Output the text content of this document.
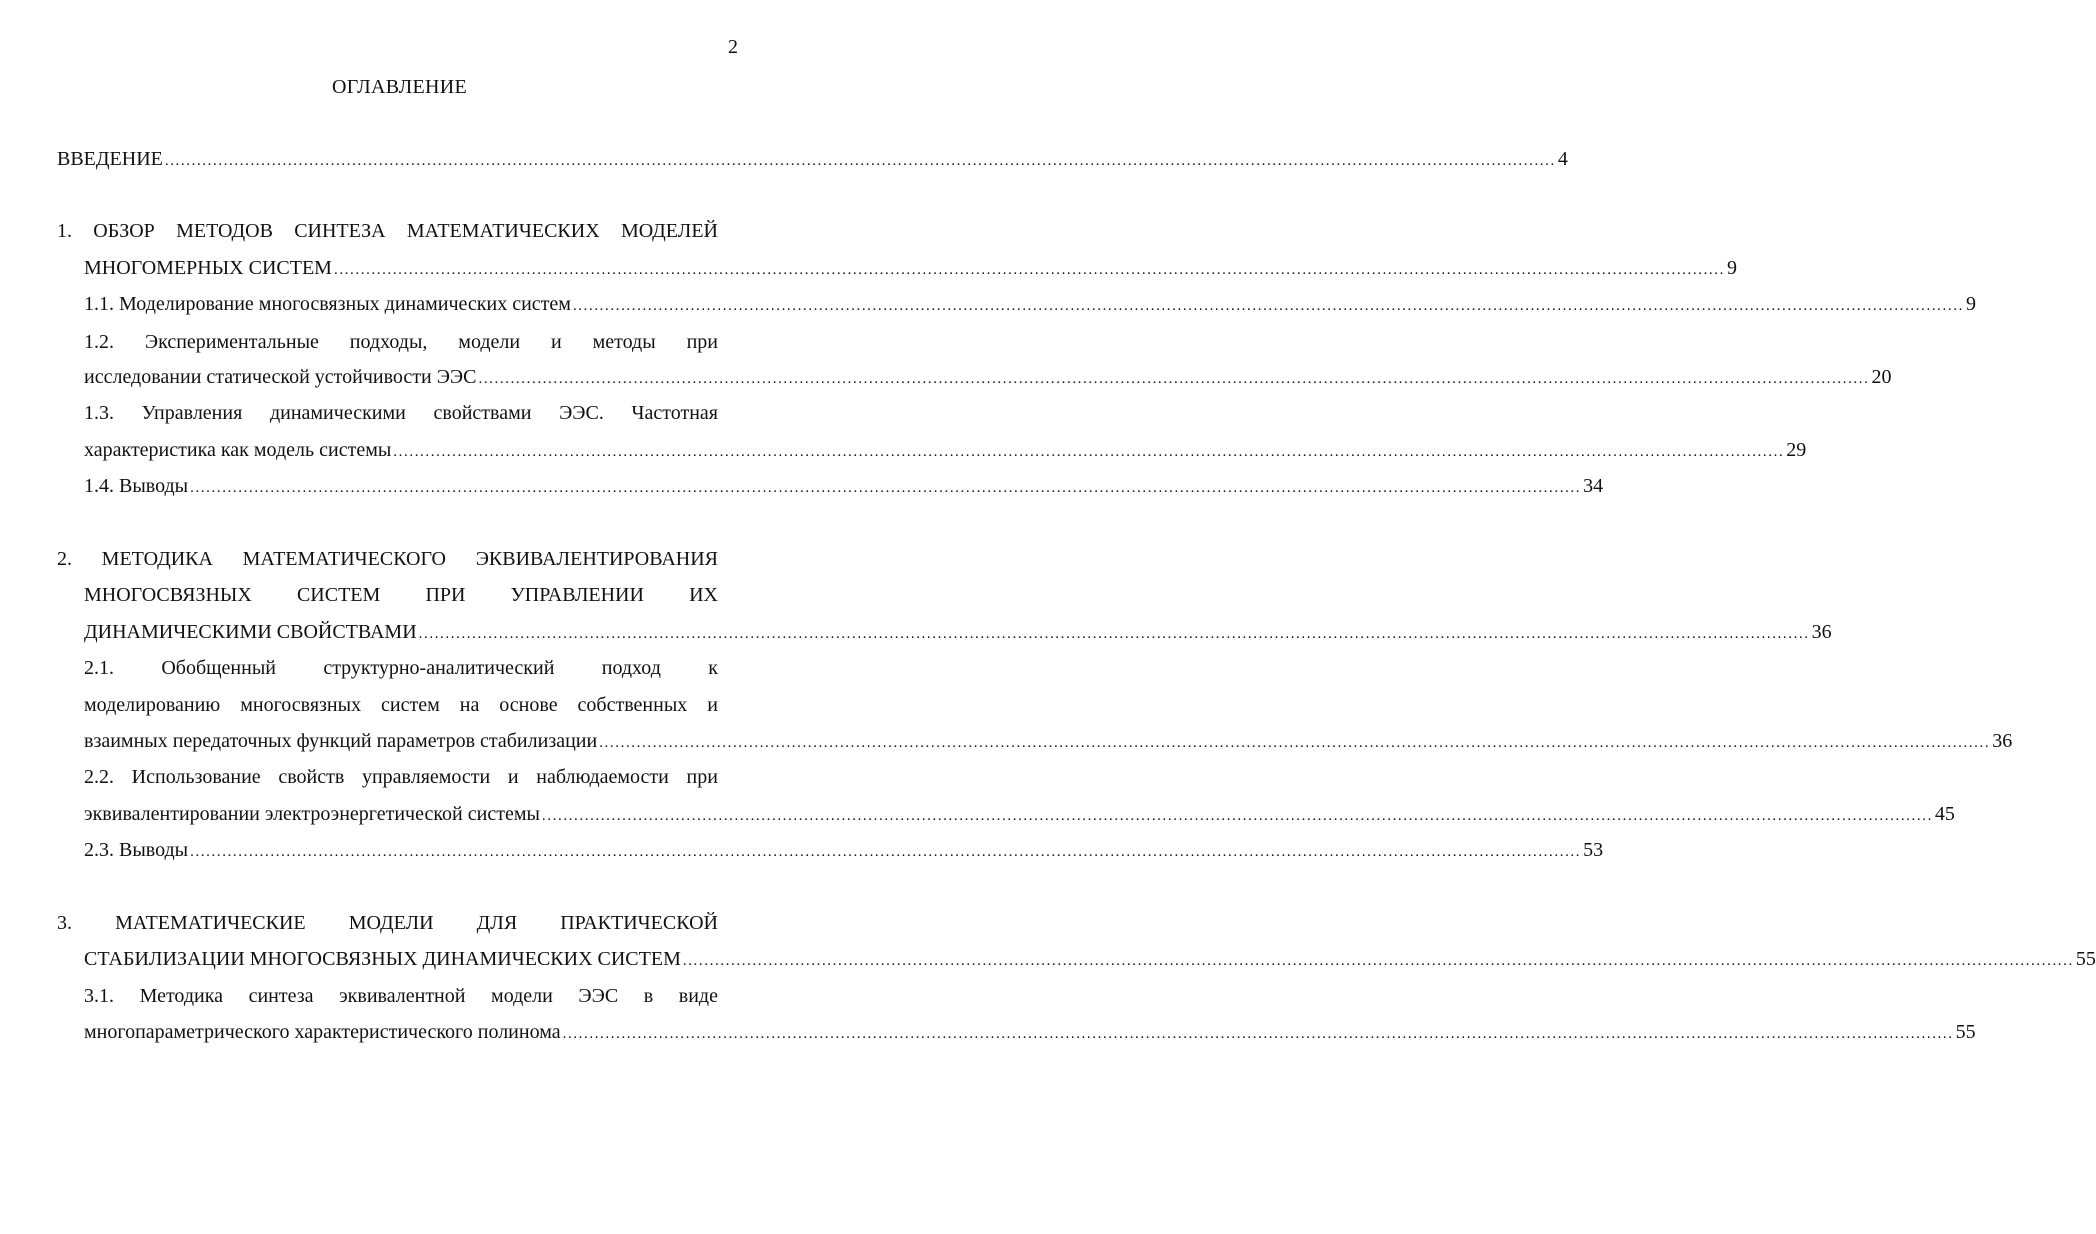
2
ОГЛАВЛЕНИЕ
ВВЕДЕНИЕ .................................................................................................................................................................................................................................................................... 4
1. ОБЗОР МЕТОДОВ СИНТЕЗА МАТЕМАТИЧЕСКИХ МОДЕЛЕЙ
МНОГОМЕРНЫХ СИСТЕМ .................................................................................................................................................................................................................................................................... 9
1.1. Моделирование многосвязных динамических систем .................................................................................................................................................................................................................................................................... 9
1.2. Экспериментальные подходы, модели и методы при
исследовании статической устойчивости ЭЭС .................................................................................................................................................................................................................................................................... 20
1.3. Управления динамическими свойствами ЭЭС. Частотная
характеристика как модель системы .................................................................................................................................................................................................................................................................... 29
1.4. Выводы .................................................................................................................................................................................................................................................................... 34
2. МЕТОДИКА МАТЕМАТИЧЕСКОГО ЭКВИВАЛЕНТИРОВАНИЯ
МНОГОСВЯЗНЫХ СИСТЕМ ПРИ УПРАВЛЕНИИ ИХ
ДИНАМИЧЕСКИМИ СВОЙСТВАМИ .................................................................................................................................................................................................................................................................... 36
2.1. Обобщенный структурно-аналитический подход к
моделированию многосвязных систем на основе собственных и
взаимных передаточных функций параметров стабилизации .................................................................................................................................................................................................................................................................... 36
2.2. Использование свойств управляемости и наблюдаемости при
эквивалентировании электроэнергетической системы .................................................................................................................................................................................................................................................................... 45
2.3. Выводы .................................................................................................................................................................................................................................................................... 53
3. МАТЕМАТИЧЕСКИЕ МОДЕЛИ ДЛЯ ПРАКТИЧЕСКОЙ
СТАБИЛИЗАЦИИ МНОГОСВЯЗНЫХ ДИНАМИЧЕСКИХ СИСТЕМ .................................................................................................................................................................................................................................................................... 55
3.1. Методика синтеза эквивалентной модели ЭЭС в виде
многопараметрического характеристического полинома .................................................................................................................................................................................................................................................................... 55
